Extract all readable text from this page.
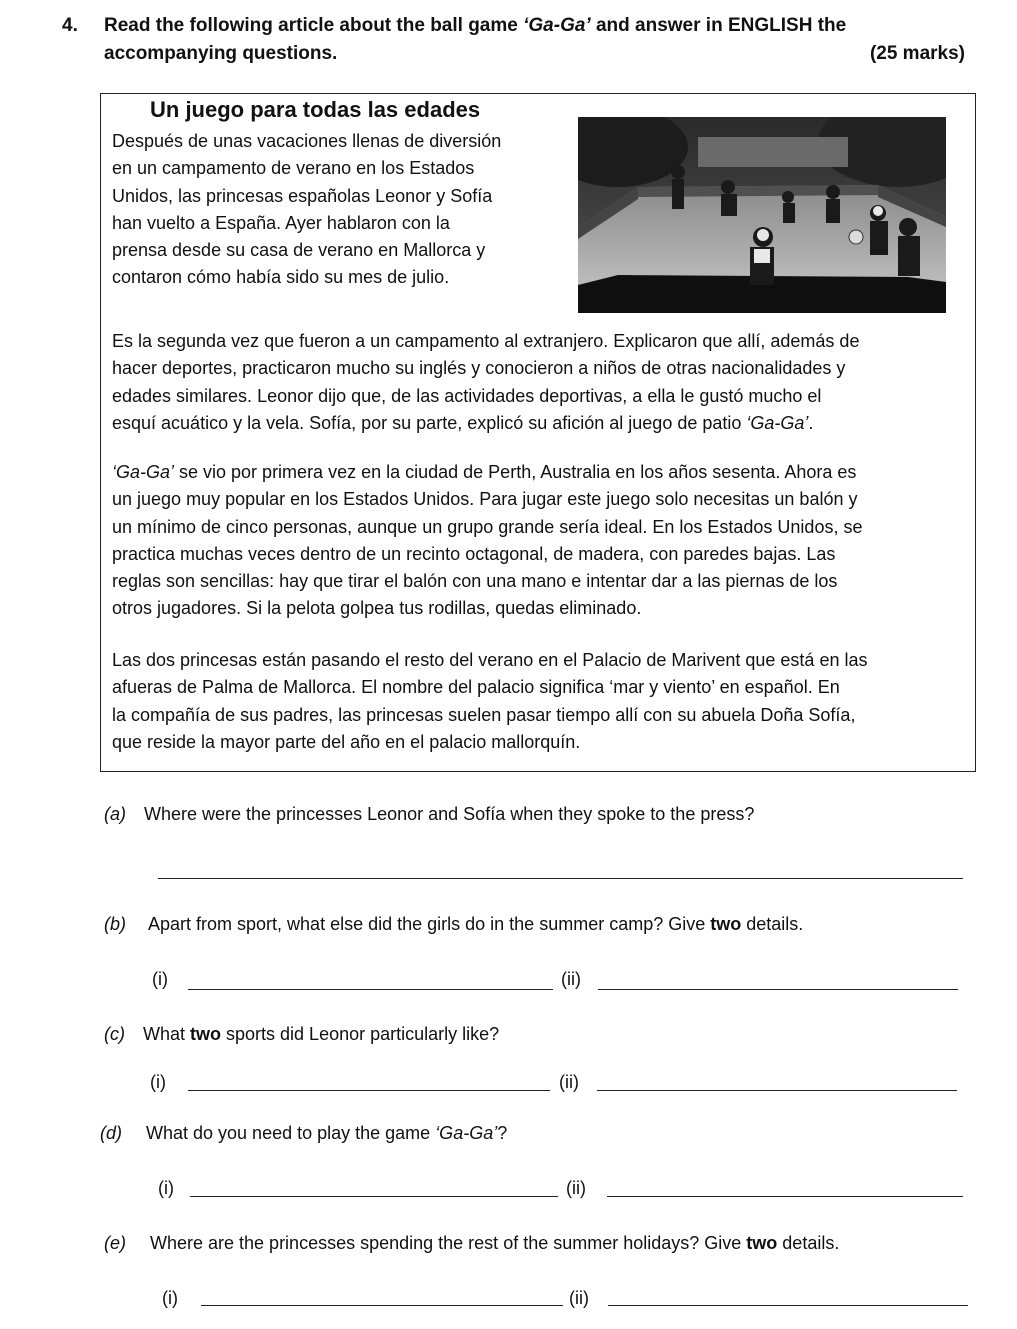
4. Read the following article about the ball game ‘Ga-Ga’ and answer in ENGLISH the
accompanying questions.	(25 marks)
Un juego para todas las edades
Después de unas vacaciones llenas de diversión
en un campamento de verano en los Estados
Unidos, las princesas españolas Leonor y Sofía
han vuelto a España. Ayer hablaron con la
prensa desde su casa de verano en Mallorca y
contaron cómo había sido su mes de julio.
Es la segunda vez que fueron a un campamento al extranjero. Explicaron que allí, además de
hacer deportes, practicaron mucho su inglés y conocieron a niños de otras nacionalidades y
edades similares. Leonor dijo que, de las actividades deportivas, a ella le gustó mucho el
esquí acuático y la vela. Sofía, por su parte, explicó su afición al juego de patio ‘Ga-Ga’.
‘Ga-Ga’ se vio por primera vez en la ciudad de Perth, Australia en los años sesenta. Ahora es
un juego muy popular en los Estados Unidos. Para jugar este juego solo necesitas un balón y
un mínimo de cinco personas, aunque un grupo grande sería ideal. En los Estados Unidos, se
practica muchas veces dentro de un recinto octagonal, de madera, con paredes bajas. Las
reglas son sencillas: hay que tirar el balón con una mano e intentar dar a las piernas de los
otros jugadores. Si la pelota golpea tus rodillas, quedas eliminado.
Las dos princesas están pasando el resto del verano en el Palacio de Marivent que está en las
afueras de Palma de Mallorca. El nombre del palacio significa ‘mar y viento’ en español. En
la compañía de sus padres, las princesas suelen pasar tiempo allí con su abuela Doña Sofía,
que reside la mayor parte del año en el palacio mallorquín.
(a) Where were the princesses Leonor and Sofía when they spoke to the press?
(b) Apart from sport, what else did the girls do in the summer camp? Give two details.
(i)	(ii)
(c) What two sports did Leonor particularly like?
(i)	(ii)
(d) What do you need to play the game ‘Ga-Ga’?
(i)	(ii)
(e) Where are the princesses spending the rest of the summer holidays? Give two details.
(i)	(ii)
